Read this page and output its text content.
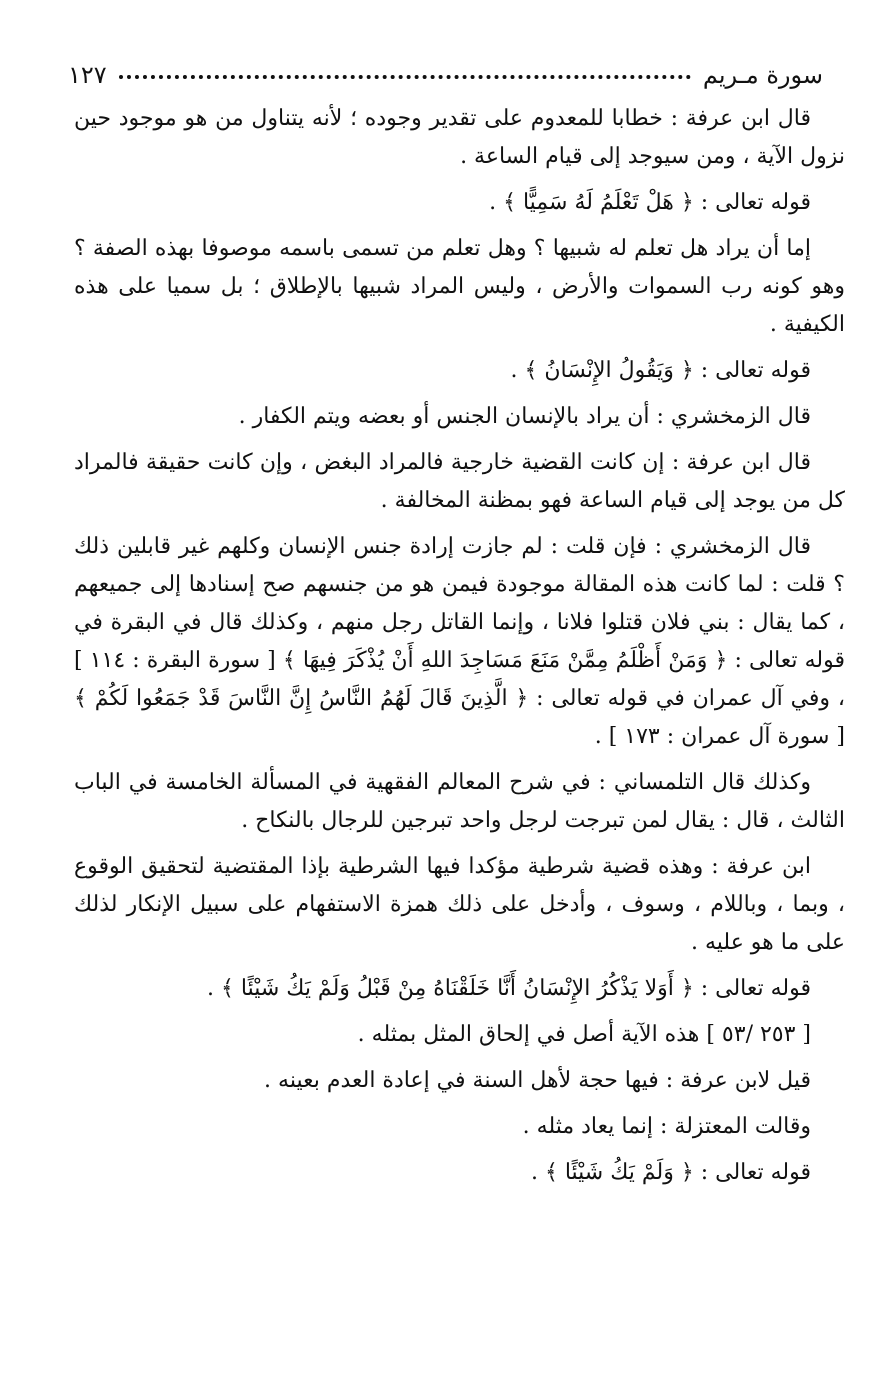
سورة مـريم
١٢٧

قال ابن عرفة : خطابا للمعدوم على تقدير وجوده ؛ لأنه يتناول من هو موجود حين نزول الآية ، ومن سيوجد إلى قيام الساعة .

قوله تعالى : ﴿ هَلْ تَعْلَمُ لَهُ سَمِيًّا ﴾ .

إما أن يراد هل تعلم له شبيها ؟ وهل تعلم من تسمى باسمه موصوفا بهذه الصفة ؟ وهو كونه رب السموات والأرض ، وليس المراد شبيها بالإطلاق ؛ بل سميا على هذه الكيفية .

قوله تعالى : ﴿ وَيَقُولُ الإِنْسَانُ ﴾ .

قال الزمخشري : أن يراد بالإنسان الجنس أو بعضه ويتم الكفار .

قال ابن عرفة : إن كانت القضية خارجية فالمراد البغض ، وإن كانت حقيقة فالمراد كل من يوجد إلى قيام الساعة فهو بمظنة المخالفة .

قال الزمخشري : فإن قلت : لم جازت إرادة جنس الإنسان وكلهم غير قابلين ذلك ؟ قلت : لما كانت هذه المقالة موجودة فيمن هو من جنسهم صح إسنادها إلى جميعهم ، كما يقال : بني فلان قتلوا فلانا ، وإنما القاتل رجل منهم ، وكذلك قال في البقرة في قوله تعالى : ﴿ وَمَنْ أَظْلَمُ مِمَّنْ مَنَعَ مَسَاجِدَ اللهِ أَنْ يُذْكَرَ فِيهَا ﴾ [ سورة البقرة : ١١٤ ] ، وفي آل عمران في قوله تعالى : ﴿ الَّذِينَ قَالَ لَهُمُ النَّاسُ إِنَّ النَّاسَ قَدْ جَمَعُوا لَكُمْ ﴾ [ سورة آل عمران : ١٧٣ ] .

وكذلك قال التلمساني : في شرح المعالم الفقهية في المسألة الخامسة في الباب الثالث ، قال : يقال لمن تبرجت لرجل واحد تبرجين للرجال بالنكاح .

ابن عرفة : وهذه قضية شرطية مؤكدا فيها الشرطية بإذا المقتضية لتحقيق الوقوع ، وبما ، وباللام ، وسوف ، وأدخل على ذلك همزة الاستفهام على سبيل الإنكار لذلك على ما هو عليه .

قوله تعالى : ﴿ أَوَلا يَذْكُرُ الإِنْسَانُ أَنَّا خَلَقْنَاهُ مِنْ قَبْلُ وَلَمْ يَكُ شَيْئًا ﴾ .

[ ٢٥٣ /٥٣ ] هذه الآية أصل في إلحاق المثل بمثله .

قيل لابن عرفة : فيها حجة لأهل السنة في إعادة العدم بعينه .

وقالت المعتزلة : إنما يعاد مثله .

قوله تعالى : ﴿ وَلَمْ يَكُ شَيْئًا ﴾ .
